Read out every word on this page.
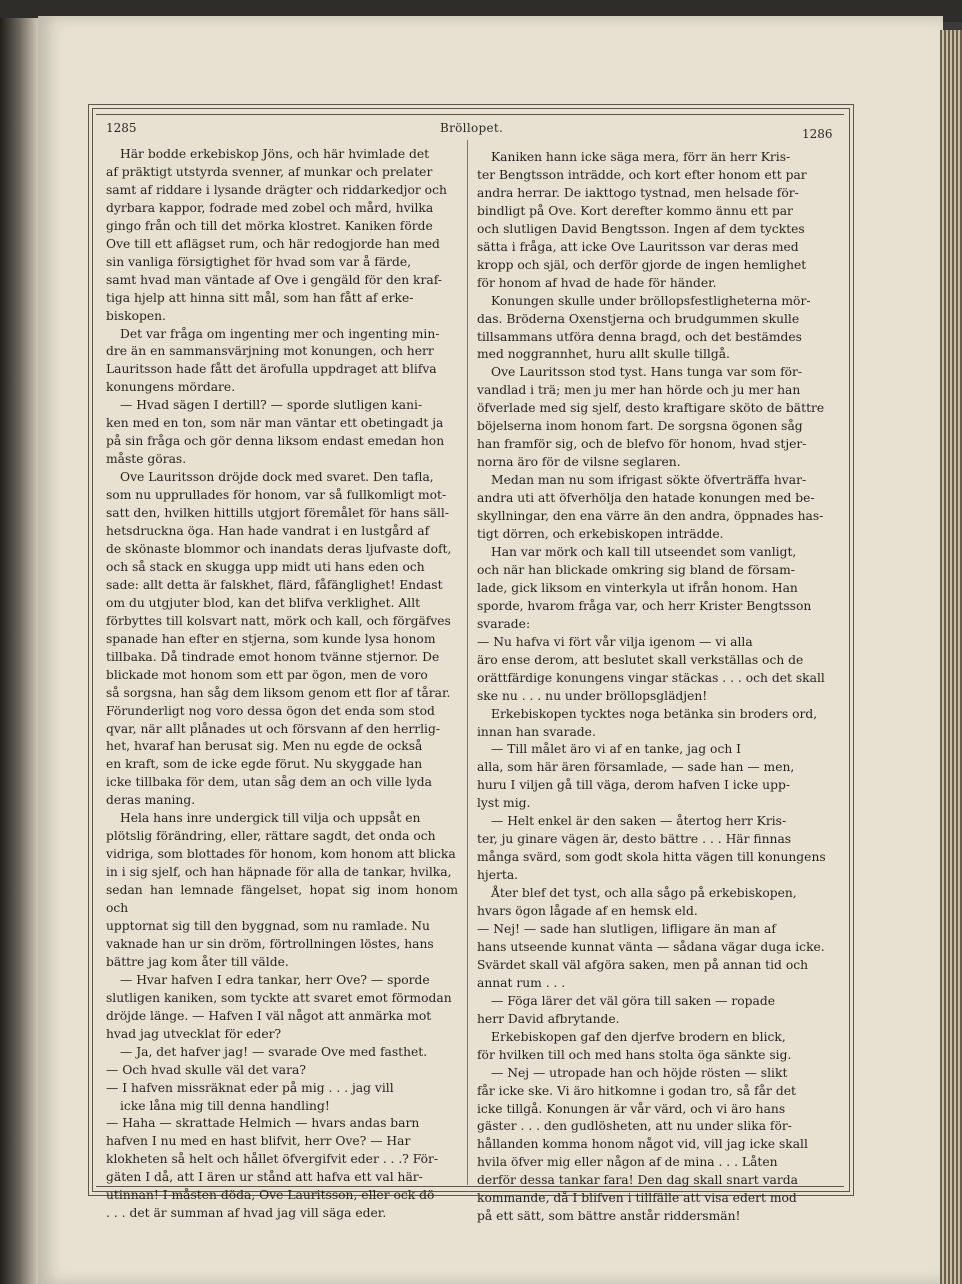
1285	Bröllopet.	1286

Här bodde erkebiskop Jöns, och här hvimlade det

af präktigt utstyrda svenner, af munkar och prelater

samt af riddare i lysande drägter och riddarkedjor och

dyrbara kappor, fodrade med zobel och mård, hvilka

gingo från och till det mörka klostret. Kaniken förde

Ove till ett aflägset rum, och här redogjorde han med

sin vanliga försigtighet för hvad som var å färde,

samt hvad man väntade af Ove i gengäld för den kraf-

tiga hjelp att hinna sitt mål, som han fått af erke-

biskopen.

Det var fråga om ingenting mer och ingenting min-

dre än en sammansvärjning mot konungen, och herr

Lauritsson hade fått det ärofulla uppdraget att blifva

konungens mördare.

— Hvad sägen I dertill? — sporde slutligen kani-

ken med en ton, som när man väntar ett obetingadt ja

på sin fråga och gör denna liksom endast emedan hon

måste göras.

Ove Lauritsson dröjde dock med svaret. Den tafla,

som nu upprullades för honom, var så fullkomligt mot-

satt den, hvilken hittills utgjort föremålet för hans säll-

hetsdruckna öga. Han hade vandrat i en lustgård af

de skönaste blommor och inandats deras ljufvaste doft,

och så stack en skugga upp midt uti hans eden och

sade: allt detta är falskhet, flärd, fåfänglighet! Endast

om du utgjuter blod, kan det blifva verklighet. Allt

förbyttes till kolsvart natt, mörk och kall, och förgäfves

spanade han efter en stjerna, som kunde lysa honom

tillbaka. Då tindrade emot honom tvänne stjernor. De

blickade mot honom som ett par ögon, men de voro

så sorgsna, han såg dem liksom genom ett flor af tårar.

Förunderligt nog voro dessa ögon det enda som stod

qvar, när allt plånades ut och försvann af den herrlig-

het, hvaraf han berusat sig. Men nu egde de också

en kraft, som de icke egde förut. Nu skyggade han

icke tillbaka för dem, utan såg dem an och ville lyda

deras maning.

Hela hans inre undergick till vilja och uppsåt en

plötslig förändring, eller, rättare sagdt, det onda och

vidriga, som blottades för honom, kom honom att blicka

in i sig sjelf, och han häpnade för alla de tankar, hvilka,

sedan han lemnade fängelset, hopat sig inom honom och

upptornat sig till den byggnad, som nu ramlade. Nu

vaknade han ur sin dröm, förtrollningen löstes, hans

bättre jag kom åter till välde.

— Hvar hafven I edra tankar, herr Ove? — sporde

slutligen kaniken, som tyckte att svaret emot förmodan

dröjde länge. — Hafven I väl något att anmärka mot

hvad jag utvecklat för eder?

— Ja, det hafver jag! — svarade Ove med fasthet.

— Och hvad skulle väl det vara?

— I hafven missräknat eder på mig . . . jag vill

icke låna mig till denna handling!

— Haha — skrattade Helmich — hvars andas barn

hafven I nu med en hast blifvit, herr Ove? — Har

klokheten så helt och hållet öfvergifvit eder . . .? För-

gäten I då, att I ären ur stånd att hafva ett val här-

utinnan! I måsten döda, Ove Lauritsson, eller ock dö

. . . det är summan af hvad jag vill säga eder.

Kaniken hann icke säga mera, förr än herr Kris-

ter Bengtsson inträdde, och kort efter honom ett par

andra herrar. De iakttogo tystnad, men helsade för-

bindligt på Ove. Kort derefter kommo ännu ett par

och slutligen David Bengtsson. Ingen af dem tycktes

sätta i fråga, att icke Ove Lauritsson var deras med

kropp och själ, och derför gjorde de ingen hemlighet

för honom af hvad de hade för händer.

Konungen skulle under bröllopsfestligheterna mör-

das. Bröderna Oxenstjerna och brudgummen skulle

tillsammans utföra denna bragd, och det bestämdes

med noggrannhet, huru allt skulle tillgå.

Ove Lauritsson stod tyst. Hans tunga var som för-

vandlad i trä; men ju mer han hörde och ju mer han

öfverlade med sig sjelf, desto kraftigare sköto de bättre

böjelserna inom honom fart. De sorgsna ögonen såg

han framför sig, och de blefvo för honom, hvad stjer-

norna äro för de vilsne seglaren.

Medan man nu som ifrigast sökte öfverträffa hvar-

andra uti att öfverhölja den hatade konungen med be-

skyllningar, den ena värre än den andra, öppnades has-

tigt dörren, och erkebiskopen inträdde.

Han var mörk och kall till utseendet som vanligt,

och när han blickade omkring sig bland de försam-

lade, gick liksom en vinterkyla ut ifrån honom. Han

sporde, hvarom fråga var, och herr Krister Bengtsson

svarade:

— Nu hafva vi fört vår vilja igenom — vi alla

äro ense derom, att beslutet skall verkställas och de

orättfärdige konungens vingar stäckas . . . och det skall

ske nu . . . nu under bröllopsglädjen!

Erkebiskopen tycktes noga betänka sin broders ord,

innan han svarade.

— Till målet äro vi af en tanke, jag och I

alla, som här ären församlade, — sade han — men,

huru I viljen gå till väga, derom hafven I icke upp-

lyst mig.

— Helt enkel är den saken — återtog herr Kris-

ter, ju ginare vägen är, desto bättre . . . Här finnas

många svärd, som godt skola hitta vägen till konungens

hjerta.

Åter blef det tyst, och alla sågo på erkebiskopen,

hvars ögon lågade af en hemsk eld.

— Nej! — sade han slutligen, lifligare än man af

hans utseende kunnat vänta — sådana vägar duga icke.

Svärdet skall väl afgöra saken, men på annan tid och

annat rum . . .

— Föga lärer det väl göra till saken — ropade

herr David afbrytande.

Erkebiskopen gaf den djerfve brodern en blick,

för hvilken till och med hans stolta öga sänkte sig.

— Nej — utropade han och höjde rösten — slikt

får icke ske. Vi äro hitkomne i godan tro, så får det

icke tillgå. Konungen är vår värd, och vi äro hans

gäster . . . den gudlösheten, att nu under slika för-

hållanden komma honom något vid, vill jag icke skall

hvila öfver mig eller någon af de mina . . . Låten

derför dessa tankar fara! Den dag skall snart varda

kommande, då I blifven i tillfälle att visa edert mod

på ett sätt, som bättre anstår riddersmän!
